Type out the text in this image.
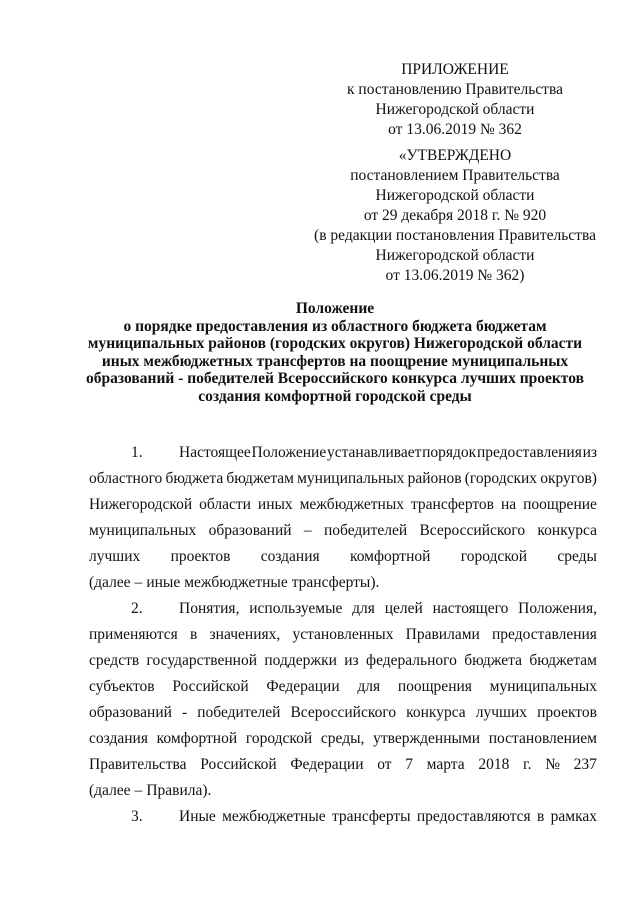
ПРИЛОЖЕНИЕ
к постановлению Правительства
Нижегородской области
от 13.06.2019 № 362
«УТВЕРЖДЕНО
постановлением Правительства
Нижегородской области
от 29 декабря 2018 г. № 920
(в редакции постановления Правительства
Нижегородской области
от 13.06.2019 № 362)
Положение
о порядке предоставления из областного бюджета бюджетам
муниципальных районов (городских округов) Нижегородской области
иных межбюджетных трансфертов на поощрение муниципальных
образований - победителей Всероссийского конкурса лучших проектов
создания комфортной городской среды
1.	Настоящее Положение устанавливает порядок предоставления из
областного бюджета бюджетам муниципальных районов (городских округов)
Нижегородской области иных межбюджетных трансфертов на поощрение
муниципальных образований – победителей Всероссийского конкурса
лучших проектов создания комфортной городской среды
(далее – иные межбюджетные трансферты).
2.	Понятия, используемые для целей настоящего Положения,
применяются в значениях, установленных Правилами предоставления
средств государственной поддержки из федерального бюджета бюджетам
субъектов Российской Федерации для поощрения муниципальных
образований - победителей Всероссийского конкурса лучших проектов
создания комфортной городской среды, утвержденными постановлением
Правительства Российской Федерации от 7 марта 2018 г. № 237
(далее – Правила).
3.	Иные межбюджетные трансферты предоставляются в рамках
